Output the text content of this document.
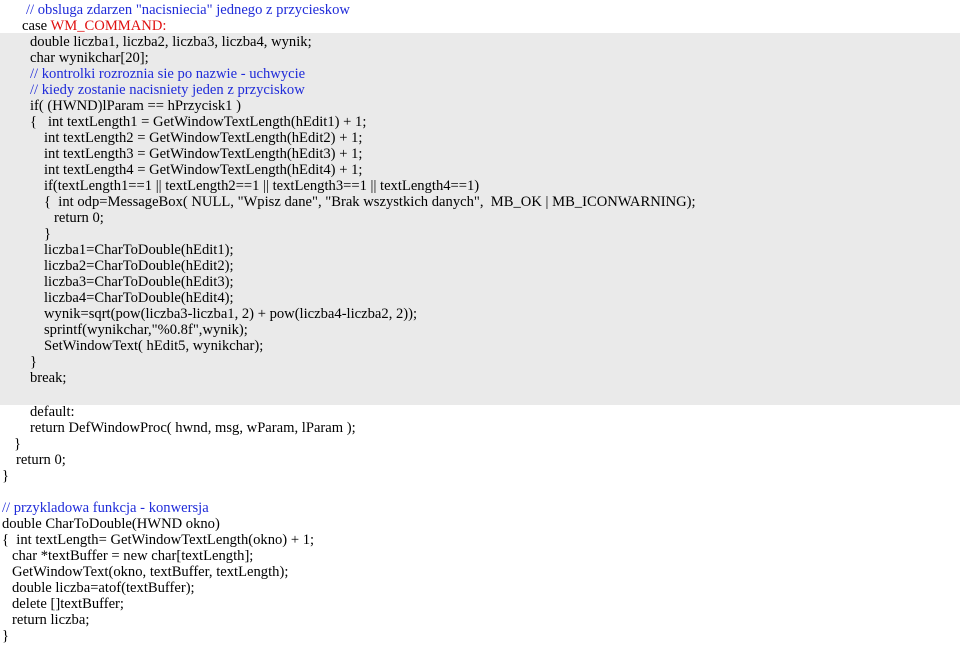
// obsluga zdarzen "nacisniecia" jednego z przycieskow
case WM_COMMAND:
double liczba1, liczba2, liczba3, liczba4, wynik;
char wynikchar[20];
// kontrolki rozroznia sie po nazwie - uchwycie
// kiedy zostanie nacisniety jeden z przyciskow
if( (HWND)lParam == hPrzycisk1 )
{   int textLength1 = GetWindowTextLength(hEdit1) + 1;
int textLength2 = GetWindowTextLength(hEdit2) + 1;
int textLength3 = GetWindowTextLength(hEdit3) + 1;
int textLength4 = GetWindowTextLength(hEdit4) + 1;
if(textLength1==1 || textLength2==1 || textLength3==1 || textLength4==1)
{  int odp=MessageBox( NULL, "Wpisz dane", "Brak wszystkich danych",  MB_OK | MB_ICONWARNING);
return 0;
}
liczba1=CharToDouble(hEdit1);
liczba2=CharToDouble(hEdit2);
liczba3=CharToDouble(hEdit3);
liczba4=CharToDouble(hEdit4);
wynik=sqrt(pow(liczba3-liczba1, 2) + pow(liczba4-liczba2, 2));
sprintf(wynikchar,"%0.8f",wynik);
SetWindowText( hEdit5, wynikchar);
}
break;
default:
return DefWindowProc( hwnd, msg, wParam, lParam );
}
return 0;
}
// przykladowa funkcja - konwersja
double CharToDouble(HWND okno)
{  int textLength= GetWindowTextLength(okno) + 1;
char *textBuffer = new char[textLength];
GetWindowText(okno, textBuffer, textLength);
double liczba=atof(textBuffer);
delete []textBuffer;
return liczba;
}
